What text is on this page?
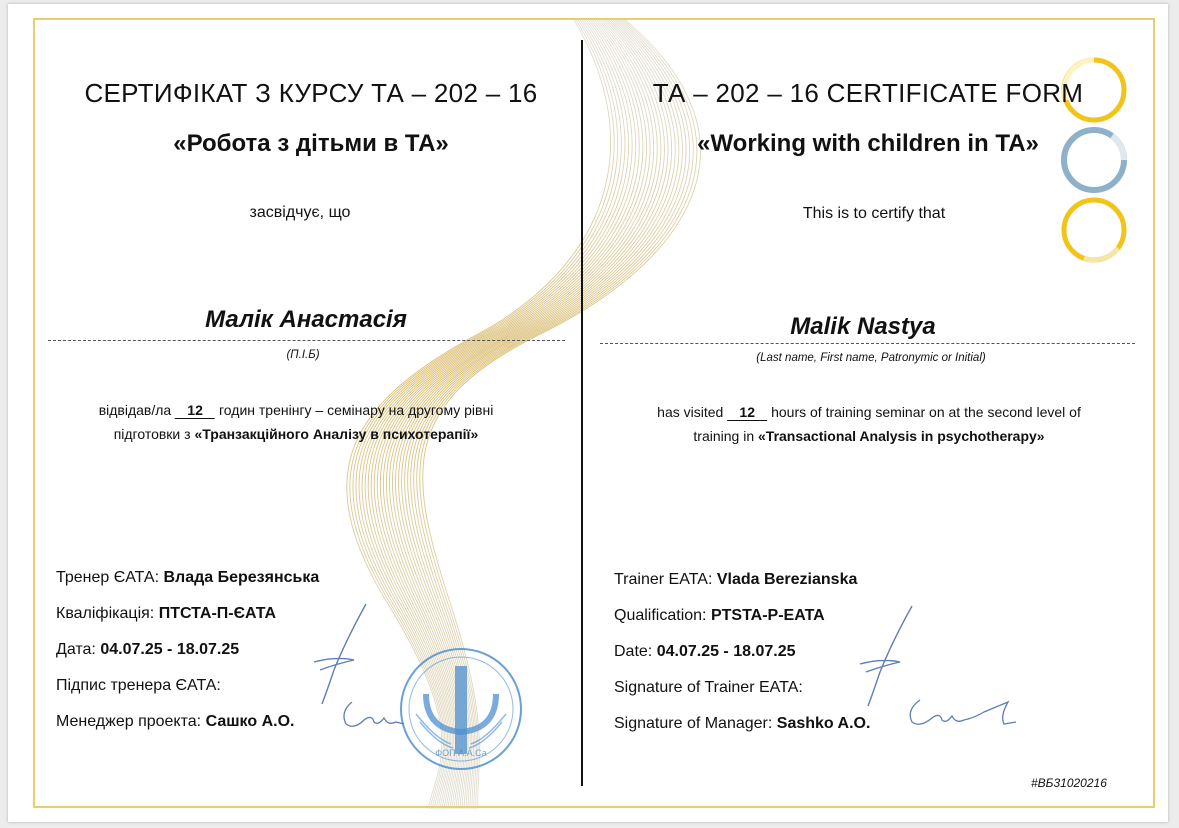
СЕРТИФІКАТ З КУРСУ ТА – 202 – 16
«Робота з дітьми в ТА»
засвідчує, що
Малік Анастасія
(П.І.Б)
відвідав/ла 12 годин тренінгу – семінару на другому рівні
підготовки з «Транзакційного Аналізу в психотерапії»
Тренер ЄАТА: Влада Березянська
Кваліфікація: ПТСТА-П-ЄАТА
Дата: 04.07.25 - 18.07.25
Підпис тренера ЄАТА:
Менеджер проекта: Сашко А.О.
ФОП А.А.Са
ТА – 202 – 16 CERTIFICATE FORM
«Working with children in TA»
This is to certify that
Malik Nastya
(Last name, First name, Patronymic or Initial)
has visited 12 hours of training seminar on at the second level of
training in «Transactional Analysis in psychotherapy»
Trainer EATA: Vlada Berezianska
Qualification: PTSTA-P-EATA
Date: 04.07.25 - 18.07.25
Signature of Trainer EATA:
Signature of Manager: Sashko A.O.
#ВБ31020216
